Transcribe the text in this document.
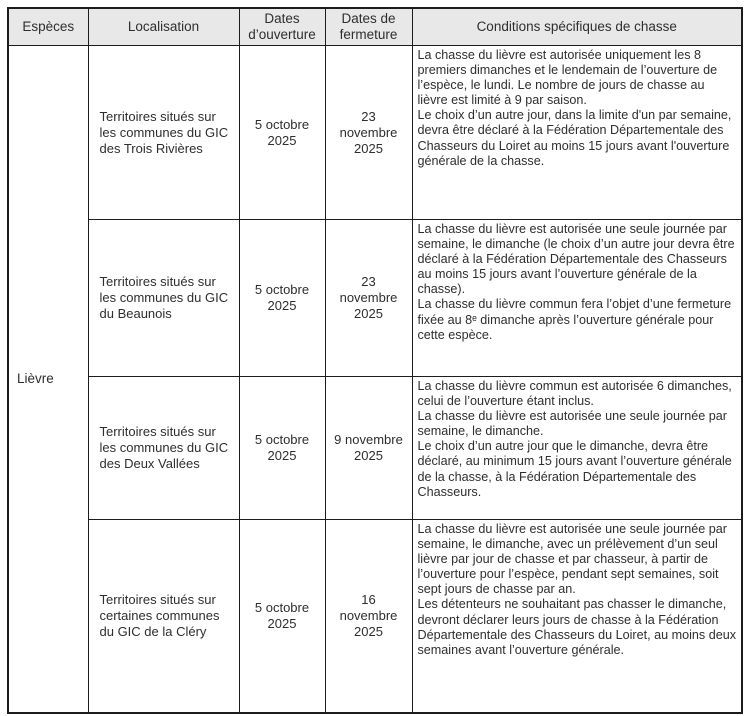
Espèces	Localisation	Dates d’ouverture	Dates de fermeture	Conditions spécifiques de chasse
Lièvre	Territoires situés sur les communes du GIC des Trois Rivières	5 octobre 2025	23 novembre 2025	La chasse du lièvre est autorisée uniquement les 8 premiers dimanches et le lendemain de l’ouverture de l’espèce, le lundi. Le nombre de jours de chasse au lièvre est limité à 9 par saison.

Le choix d’un autre jour, dans la limite d'un par semaine, devra être déclaré à la Fédération Départementale des Chasseurs du Loiret au moins 15 jours avant l'ouverture générale de la chasse.

	Territoires situés sur les communes du GIC du Beaunois	5 octobre 2025	23 novembre 2025	La chasse du lièvre est autorisée une seule journée par semaine, le dimanche (le choix d’un autre jour devra être déclaré à la Fédération Départementale des Chasseurs au moins 15 jours avant l’ouverture générale de la chasse).

La chasse du lièvre commun fera l’objet d’une fermeture fixée au 8ᵉ dimanche après l’ouverture générale pour cette espèce.

	Territoires situés sur les communes du GIC des Deux Vallées	5 octobre 2025	9 novembre 2025	La chasse du lièvre commun est autorisée 6 dimanches, celui de l’ouverture étant inclus.

La chasse du lièvre est autorisée une seule journée par semaine, le dimanche.

Le choix d’un autre jour que le dimanche, devra être déclaré, au minimum 15 jours avant l’ouverture générale de la chasse, à la Fédération Départementale des Chasseurs.

	Territoires situés sur certaines communes du GIC de la Cléry	5 octobre 2025	16 novembre 2025	La chasse du lièvre est autorisée une seule journée par semaine, le dimanche, avec un prélèvement d’un seul lièvre par jour de chasse et par chasseur, à partir de l’ouverture pour l’espèce, pendant sept semaines, soit sept jours de chasse par an.

Les détenteurs ne souhaitant pas chasser le dimanche, devront déclarer leurs jours de chasse à la Fédération Départementale des Chasseurs du Loiret, au moins deux semaines avant l’ouverture générale.
